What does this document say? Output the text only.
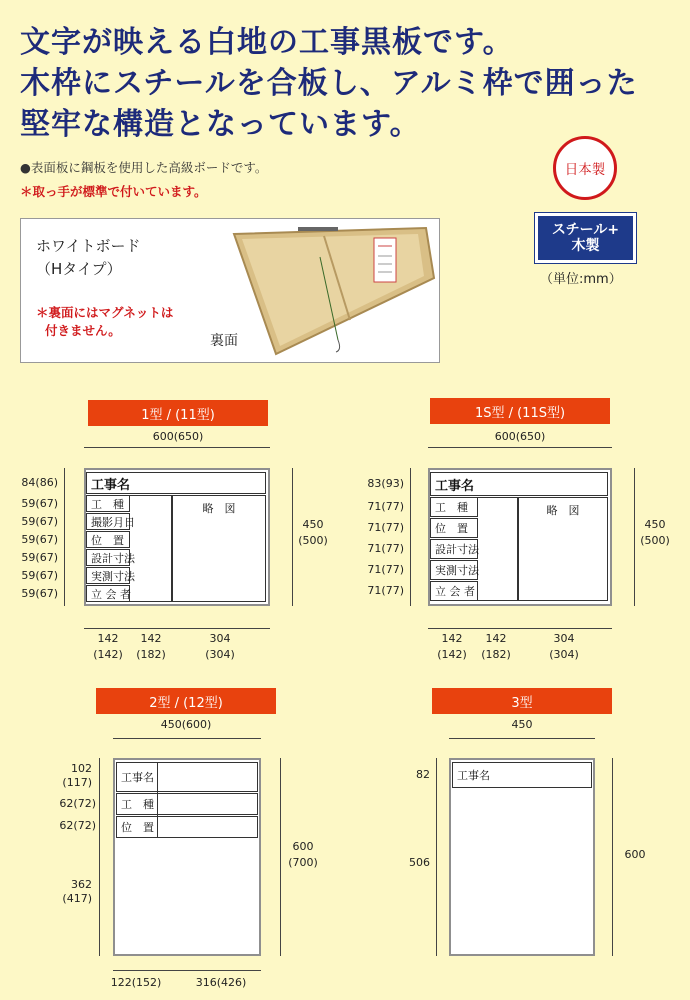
文字が映える白地の工事黒板です。
木枠にスチールを合板し、アルミ枠で囲った
堅牢な構造となっています。
●表面板に鋼板を使用した高級ボードです。
＊取っ手が標準で付いています。
日本製
スチール+
木製
（単位:mm）
ホワイトボード
（Hタイプ）
＊裏面にはマグネットは
付きません。
裏面
1型 / (11型)
600(650)
工事名
工　種
撮影月日
位　置
設計寸法
実測寸法
立 会 者
略　図
84(86)
59(67)
59(67)
59(67)
59(67)
59(67)
59(67)
450
(500)
142	142	304
(142)	(182)	(304)
1S型 / (11S型)
600(650)
工事名
工　種
位　置
設計寸法
実測寸法
立 会 者
略　図
83(93)
71(77)
71(77)
71(77)
71(77)
71(77)
450
(500)
142	142	304
(142)	(182)	(304)
2型 / (12型)
450(600)
工事名
工　種
位　置
102
(117)
62(72)
62(72)
362
(417)
600
(700)
122(152)	316(426)
3型
450
工事名
82
506
600
